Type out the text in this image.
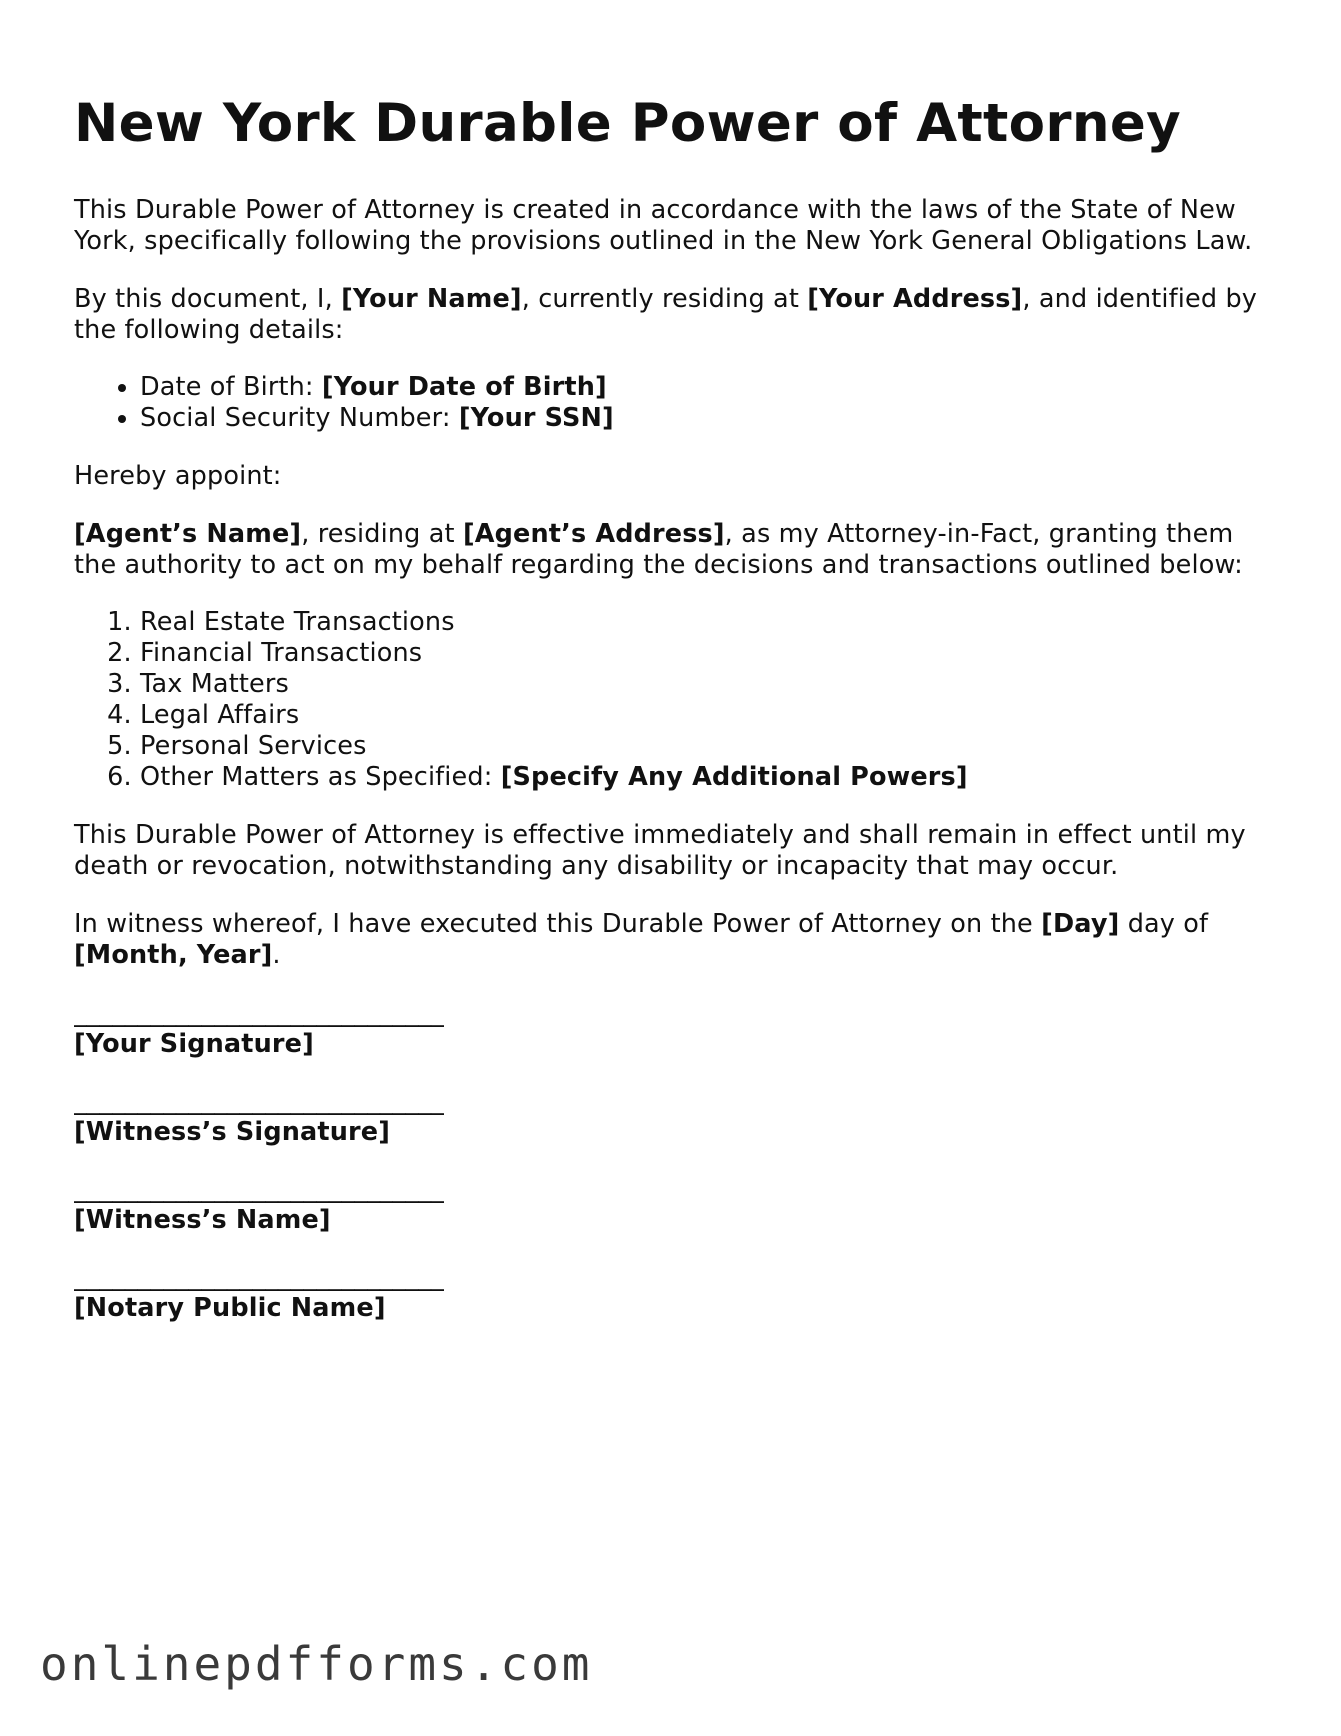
New York Durable Power of Attorney

This Durable Power of Attorney is created in accordance with the laws of the State of New York, specifically following the provisions outlined in the New York General Obligations Law.

By this document, I, [Your Name], currently residing at [Your Address], and identified by the following details:

• Date of Birth: [Your Date of Birth]
• Social Security Number: [Your SSN]

Hereby appoint:

[Agent’s Name], residing at [Agent’s Address], as my Attorney-in-Fact, granting them the authority to act on my behalf regarding the decisions and transactions outlined below:

1. Real Estate Transactions
2. Financial Transactions
3. Tax Matters
4. Legal Affairs
5. Personal Services
6. Other Matters as Specified: [Specify Any Additional Powers]

This Durable Power of Attorney is effective immediately and shall remain in effect until my death or revocation, notwithstanding any disability or incapacity that may occur.

In witness whereof, I have executed this Durable Power of Attorney on the [Day] day of [Month, Year].

_____________________________
[Your Signature]
_____________________________
[Witness’s Signature]
_____________________________
[Witness’s Name]
_____________________________
[Notary Public Name]
onlinepdfforms.com
